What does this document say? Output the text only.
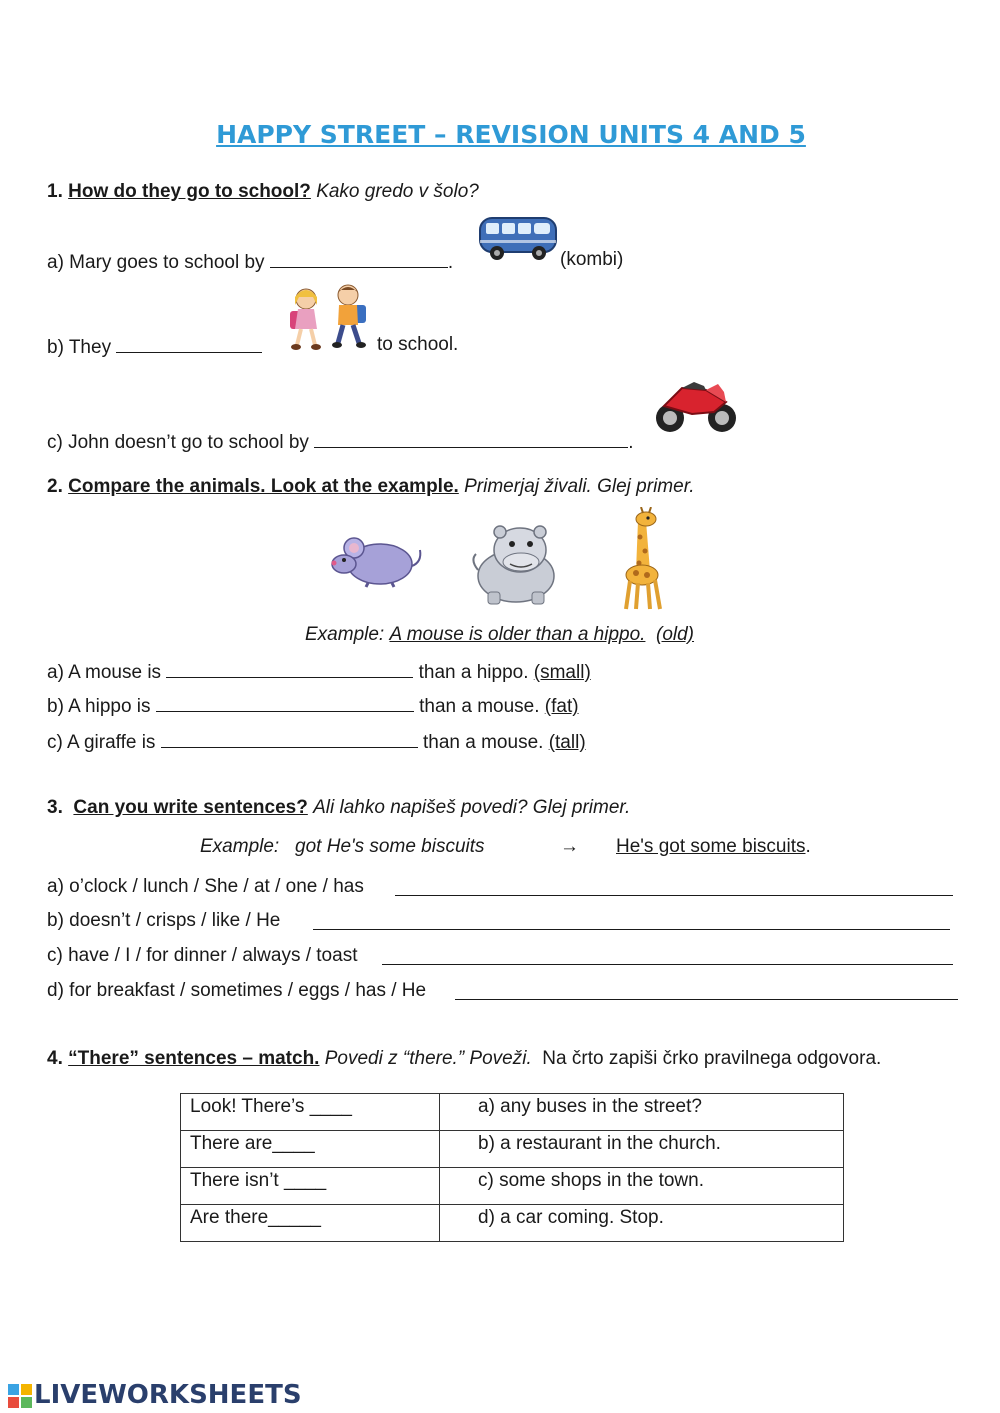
HAPPY STREET – REVISION UNITS 4 AND 5
1. How do they go to school? Kako gredo v šolo?
a) Mary goes to school by	.	(kombi)
b) They	to school.
c) John doesn’t go to school by	.
2. Compare the animals. Look at the example. Primerjaj živali. Glej primer.
Example: A mouse is older than a hippo. (old)
a) A mouse is	than a hippo. (small)
b) A hippo is	than a mouse. (fat)
c) A giraffe is	than a mouse. (tall)
3. Can you write sentences? Ali lahko napišeš povedi? Glej primer.
Example: got He's some biscuits	→ He's got some biscuits.
a) o’clock / lunch / She / at / one / has
b) doesn’t / crisps / like / He
c) have / I / for dinner / always / toast
d) for breakfast / sometimes / eggs / has / He
4. “There” sentences – match. Povedi z “there.” Poveži. Na črto zapiši črko pravilnega odgovora.
Look! There’s ____	a) any buses in the street?
There are____	b) a restaurant in the church.
There isn’t ____	c) some shops in the town.
Are there_____	d) a car coming. Stop.
LIVEWORKSHEETS
